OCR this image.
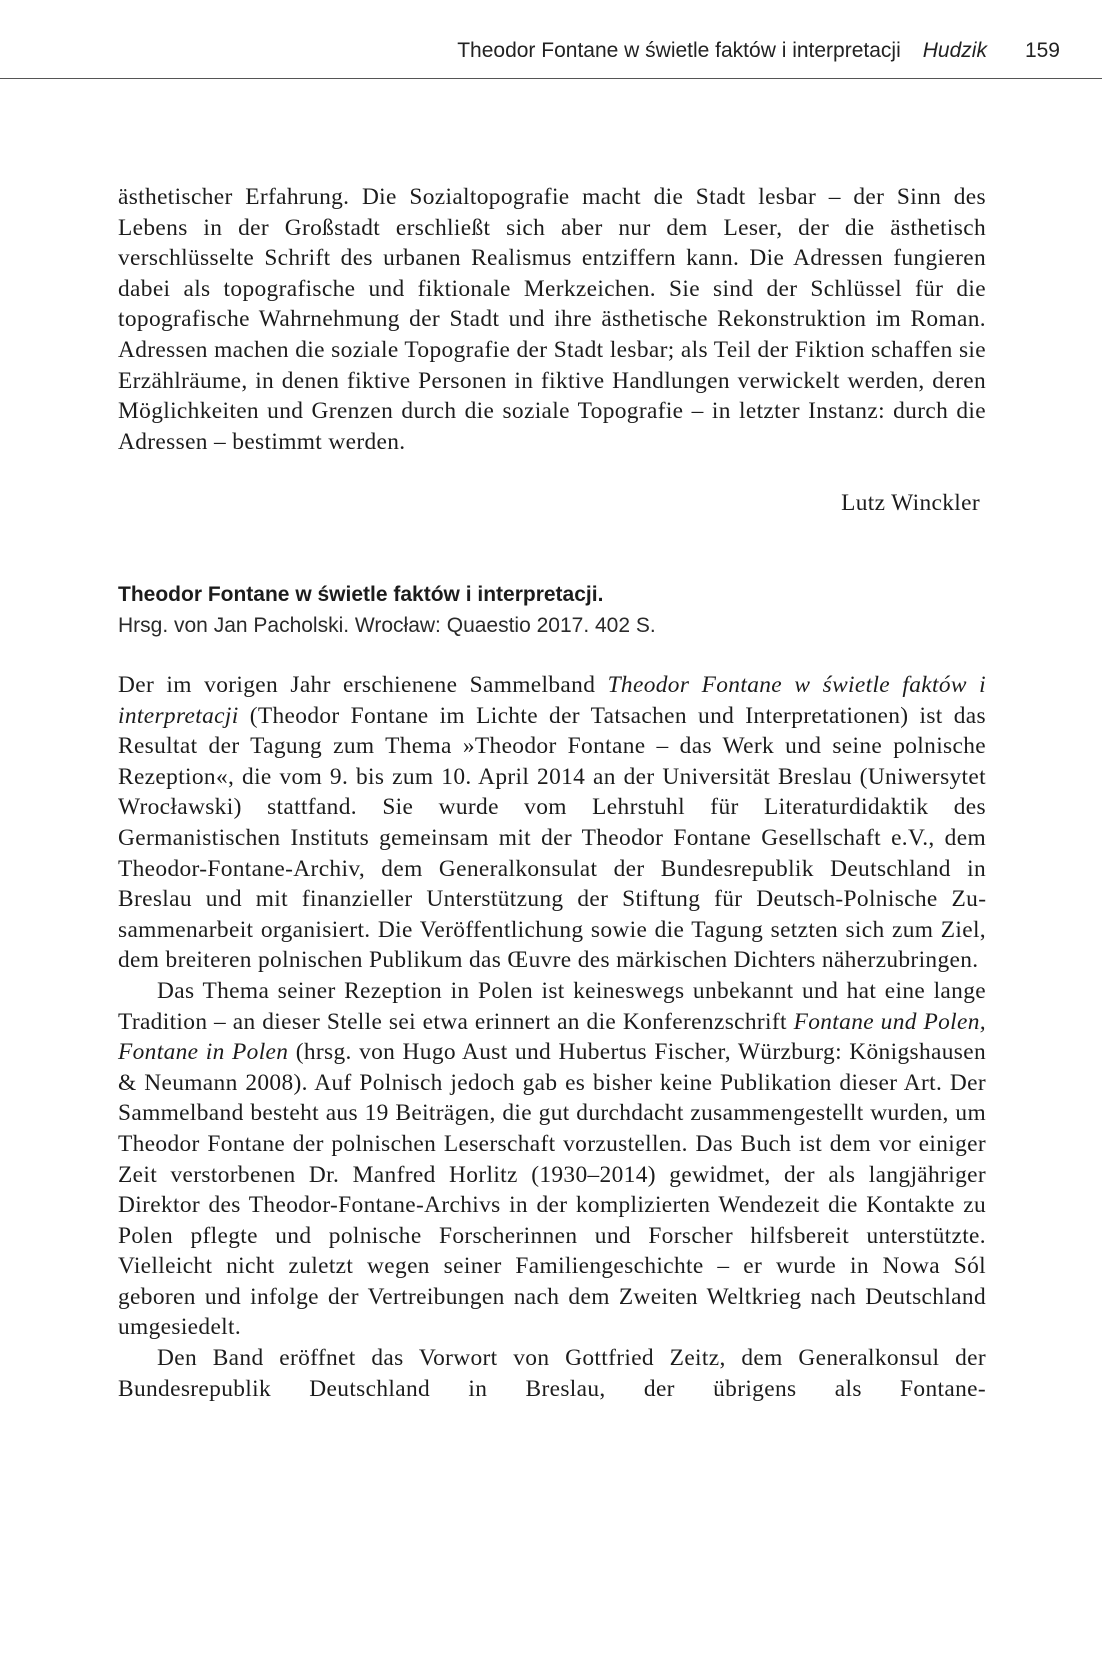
Theodor Fontane w świetle faktów i interpretacji Hudzik 159

ästhetischer Erfahrung. Die Sozialtopografie macht die Stadt lesbar – der Sinn des Lebens in der Großstadt erschließt sich aber nur dem Leser, der die ästhetisch verschlüsselte Schrift des urbanen Realismus entziffern kann. Die Adressen fungieren dabei als topografische und fiktionale Merkzeichen. Sie sind der Schlüssel für die topografische Wahrnehmung der Stadt und ihre ästhetische Rekonstruktion im Roman. Adressen machen die soziale Topografie der Stadt lesbar; als Teil der Fiktion schaffen sie Erzählräume, in denen fiktive Personen in fiktive Handlungen verwickelt werden, deren Möglichkeiten und Grenzen durch die soziale Topografie – in letzter Instanz: durch die Adressen – bestimmt werden.

Lutz Winckler
Theodor Fontane w świetle faktów i interpretacji.
Hrsg. von Jan Pacholski. Wrocław: Quaestio 2017. 402 S.

Der im vorigen Jahr erschienene Sammelband Theodor Fontane w świetle faktów i interpretacji (Theodor Fontane im Lichte der Tatsachen und Interpretationen) ist das Resultat der Tagung zum Thema »Theodor Fontane – das Werk und seine polnische Rezeption«, die vom 9. bis zum 10. April 2014 an der Universität Breslau (Uniwersytet Wrocławski) stattfand. Sie wurde vom Lehrstuhl für Literaturdidaktik des Germanistischen Instituts gemeinsam mit der Theodor Fontane Gesellschaft e.V., dem Theodor-Fontane-Archiv, dem Generalkonsulat der Bundesrepublik Deutschland in Breslau und mit finanzieller Unterstützung der Stiftung für Deutsch-Polnische Zusammenarbeit organisiert. Die Veröffentlichung sowie die Tagung setzten sich zum Ziel, dem breiteren polnischen Publikum das Œuvre des märkischen Dichters näherzubringen.

Das Thema seiner Rezeption in Polen ist keineswegs unbekannt und hat eine lange Tradition – an dieser Stelle sei etwa erinnert an die Konferenzschrift Fontane und Polen, Fontane in Polen (hrsg. von Hugo Aust und Hubertus Fischer, Würzburg: Königshausen & Neumann 2008). Auf Polnisch jedoch gab es bisher keine Publikation dieser Art. Der Sammelband besteht aus 19 Beiträgen, die gut durchdacht zusammengestellt wurden, um Theodor Fontane der polnischen Leserschaft vorzustellen. Das Buch ist dem vor einiger Zeit verstorbenen Dr. Manfred Horlitz (1930–2014) gewidmet, der als langjähriger Direktor des Theodor-Fontane-Archivs in der komplizierten Wendezeit die Kontakte zu Polen pflegte und polnische Forscherinnen und Forscher hilfsbereit unterstützte. Vielleicht nicht zuletzt wegen seiner Familiengeschichte – er wurde in Nowa Sól geboren und infolge der Vertreibungen nach dem Zweiten Weltkrieg nach Deutschland umgesiedelt.

Den Band eröffnet das Vorwort von Gottfried Zeitz, dem Generalkonsul der Bundesrepublik Deutschland in Breslau, der übrigens als Fontane-
